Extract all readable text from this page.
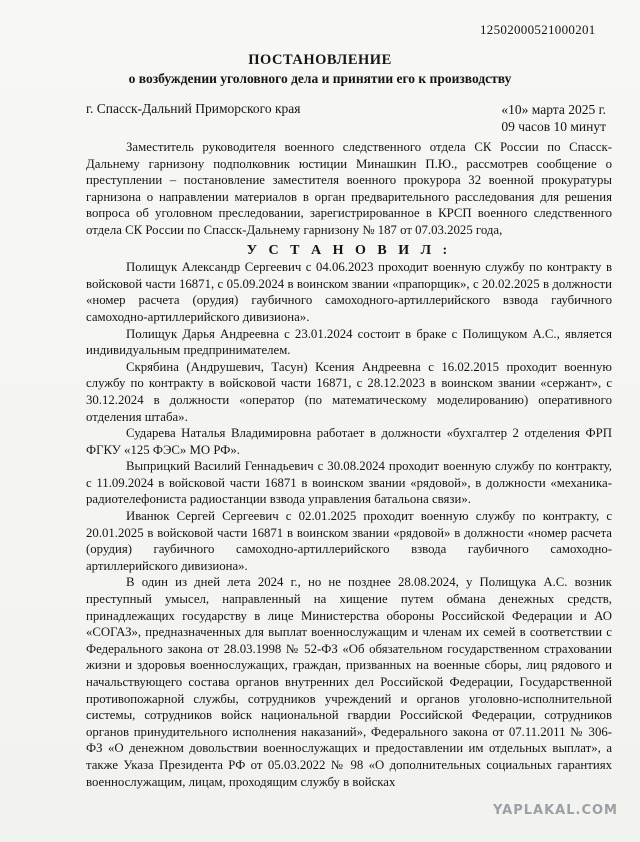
12502000521000201
ПОСТАНОВЛЕНИЕ
о возбуждении уголовного дела и принятии его к производству
г. Спасск-Дальний Приморского края	«10» марта 2025 г.
09 часов 10 минут

Заместитель руководителя военного следственного отдела СК России по Спасск-Дальнему гарнизону подполковник юстиции Минашкин П.Ю., рассмотрев сообщение о преступлении – постановление заместителя военного прокурора 32 военной прокуратуры гарнизона о направлении материалов в орган предварительного расследования для решения вопроса об уголовном преследовании, зарегистрированное в КРСП военного следственного отдела СК России по Спасск-Дальнему гарнизону № 187 от 07.03.2025 года,

У С Т А Н О В И Л :

Полищук Александр Сергеевич с 04.06.2023 проходит военную службу по контракту в войсковой части 16871, с 05.09.2024 в воинском звании «прапорщик», с 20.02.2025 в должности «номер расчета (орудия) гаубичного самоходного-артиллерийского взвода гаубичного самоходно-артиллерийского дивизиона».

Полищук Дарья Андреевна с 23.01.2024 состоит в браке с Полищуком А.С., является индивидуальным предпринимателем.

Скрябина (Андрушевич, Тасун) Ксения Андреевна с 16.02.2015 проходит военную службу по контракту в войсковой части 16871, с 28.12.2023 в воинском звании «сержант», с 30.12.2024 в должности «оператор (по математическому моделированию) оперативного отделения штаба».

Сударева Наталья Владимировна работает в должности «бухгалтер 2 отделения ФРП ФГКУ «125 ФЭС» МО РФ».

Выприцкий Василий Геннадьевич с 30.08.2024 проходит военную службу по контракту, с 11.09.2024 в войсковой части 16871 в воинском звании «рядовой», в должности «механика-радиотелефониста радиостанции взвода управления батальона связи».

Иванюк Сергей Сергеевич с 02.01.2025 проходит военную службу по контракту, с 20.01.2025 в войсковой части 16871 в воинском звании «рядовой» в должности «номер расчета (орудия) гаубичного самоходно-артиллерийского взвода гаубичного самоходно-артиллерийского дивизиона».

В один из дней лета 2024 г., но не позднее 28.08.2024, у Полищука А.С. возник преступный умысел, направленный на хищение путем обмана денежных средств, принадлежащих государству в лице Министерства обороны Российской Федерации и АО «СОГАЗ», предназначенных для выплат военнослужащим и членам их семей в соответствии с Федерального закона от 28.03.1998 № 52-ФЗ «Об обязательном государственном страховании жизни и здоровья военнослужащих, граждан, призванных на военные сборы, лиц рядового и начальствующего состава органов внутренних дел Российской Федерации, Государственной противопожарной службы, сотрудников учреждений и органов уголовно-исполнительной системы, сотрудников войск национальной гвардии Российской Федерации, сотрудников органов принудительного исполнения наказаний», Федерального закона от 07.11.2011 № 306-ФЗ «О денежном довольствии военнослужащих и предоставлении им отдельных выплат», а также Указа Президента РФ от 05.03.2022 № 98 «О дополнительных социальных гарантиях военнослужащим, лицам, проходящим службу в войсках

YAPLAKAL.COM
